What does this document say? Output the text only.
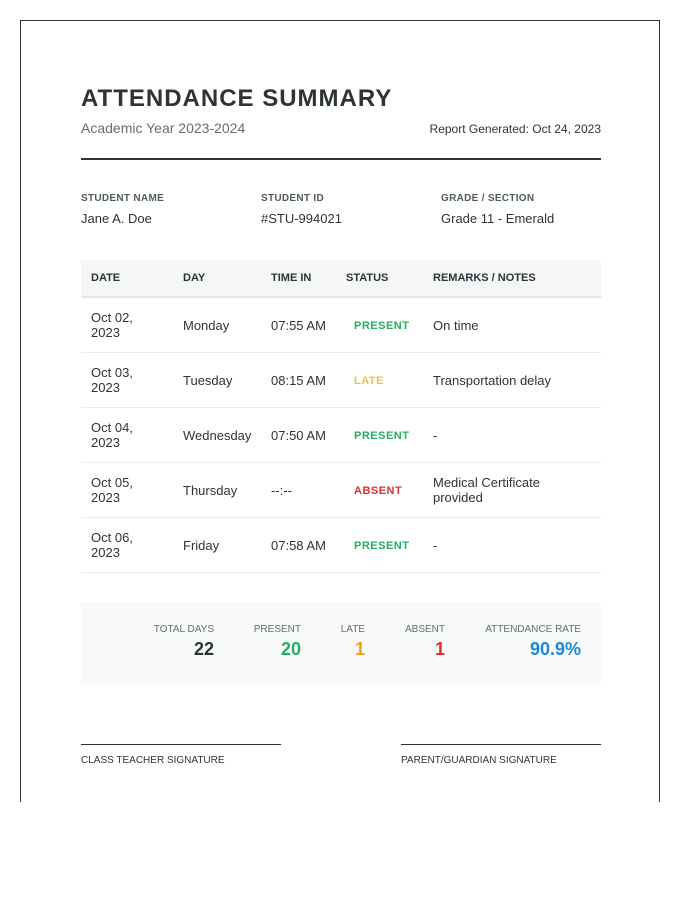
ATTENDANCE SUMMARY
Academic Year 2023-2024	Report Generated: Oct 24, 2023
STUDENT NAME
Jane A. Doe
STUDENT ID
#STU-994021
GRADE / SECTION
Grade 11 - Emerald
DATE	DAY	TIME IN	STATUS	REMARKS / NOTES
Oct 02, 2023	Monday	07:55 AM	PRESENT	On time
Oct 03, 2023	Tuesday	08:15 AM	LATE	Transportation delay
Oct 04, 2023	Wednesday	07:50 AM	PRESENT	-
Oct 05, 2023	Thursday	--:--	ABSENT	Medical Certificate provided
Oct 06, 2023	Friday	07:58 AM	PRESENT	-
TOTAL DAYS
22
PRESENT
20
LATE
1
ABSENT
1
ATTENDANCE RATE
90.9%
CLASS TEACHER SIGNATURE	PARENT/GUARDIAN SIGNATURE
